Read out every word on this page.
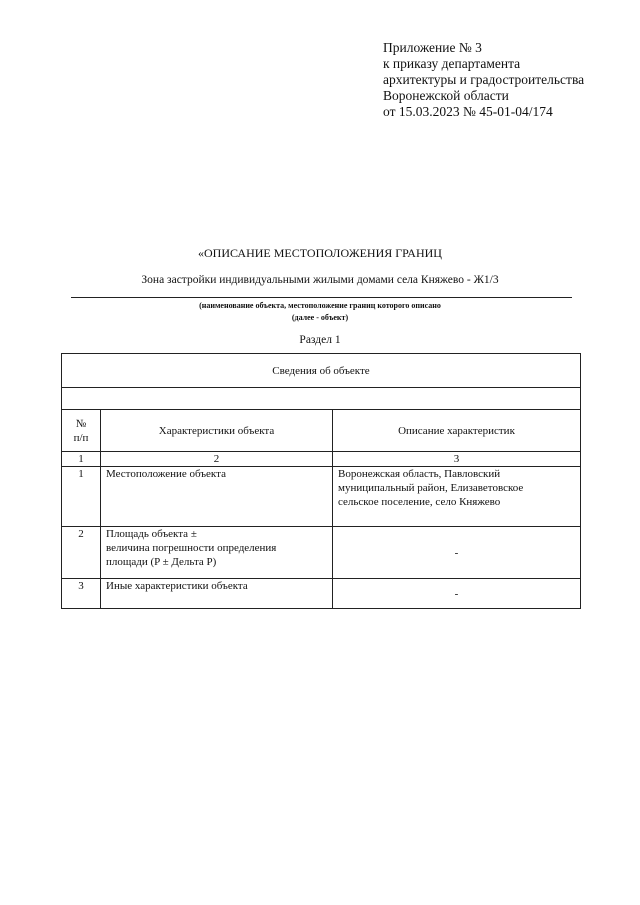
Приложение № 3
к приказу департамента
архитектуры и градостроительства
Воронежской области
от 15.03.2023 № 45-01-04/174
«ОПИСАНИЕ МЕСТОПОЛОЖЕНИЯ ГРАНИЦ
Зона застройки индивидуальными жилыми домами села Княжево - Ж1/3
(наименование объекта, местоположение границ которого описано
(далее - объект)
Раздел 1
Сведения об объекте		

№
п/п	Характеристики объекта	Описание характеристик
1	2	3
1	Местоположение объекта	Воронежская область, Павловский
муниципальный район, Елизаветовское
сельское поселение, село Княжево

2	Площадь объекта ±
величина погрешности определения
площади (P ± Дельта P)	-
3	Иные характеристики объекта	-
